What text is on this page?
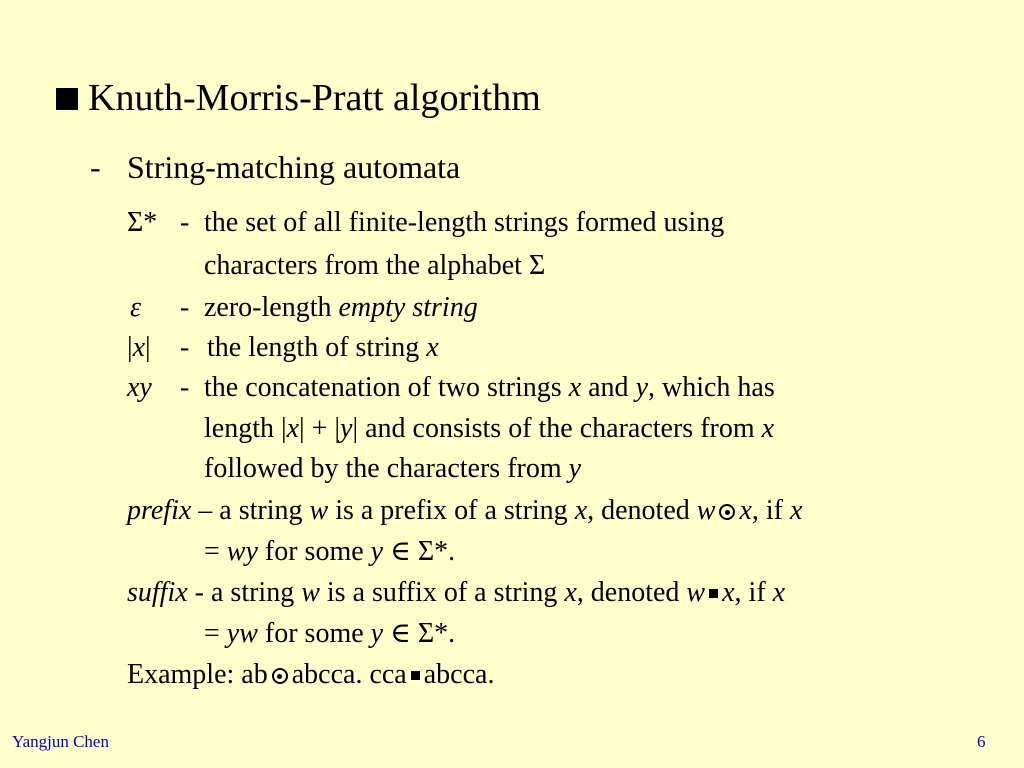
Knuth-Morris-Pratt algorithm
- String-matching automata
Σ* - the set of all finite-length strings formed using
characters from the alphabet Σ
ε - zero-length empty string
|x| - the length of string x
xy - the concatenation of two strings x and y, which has
length |x| + |y| and consists of the characters from x
followed by the characters from y
prefix – a string w is a prefix of a string x, denoted w x, if x
= wy for some y ∈ Σ*.
suffix - a string w is a suffix of a string x, denoted w x, if x
= yw for some y ∈ Σ*.
Example: ab abcca. cca abcca.
Yangjun Chen	6
